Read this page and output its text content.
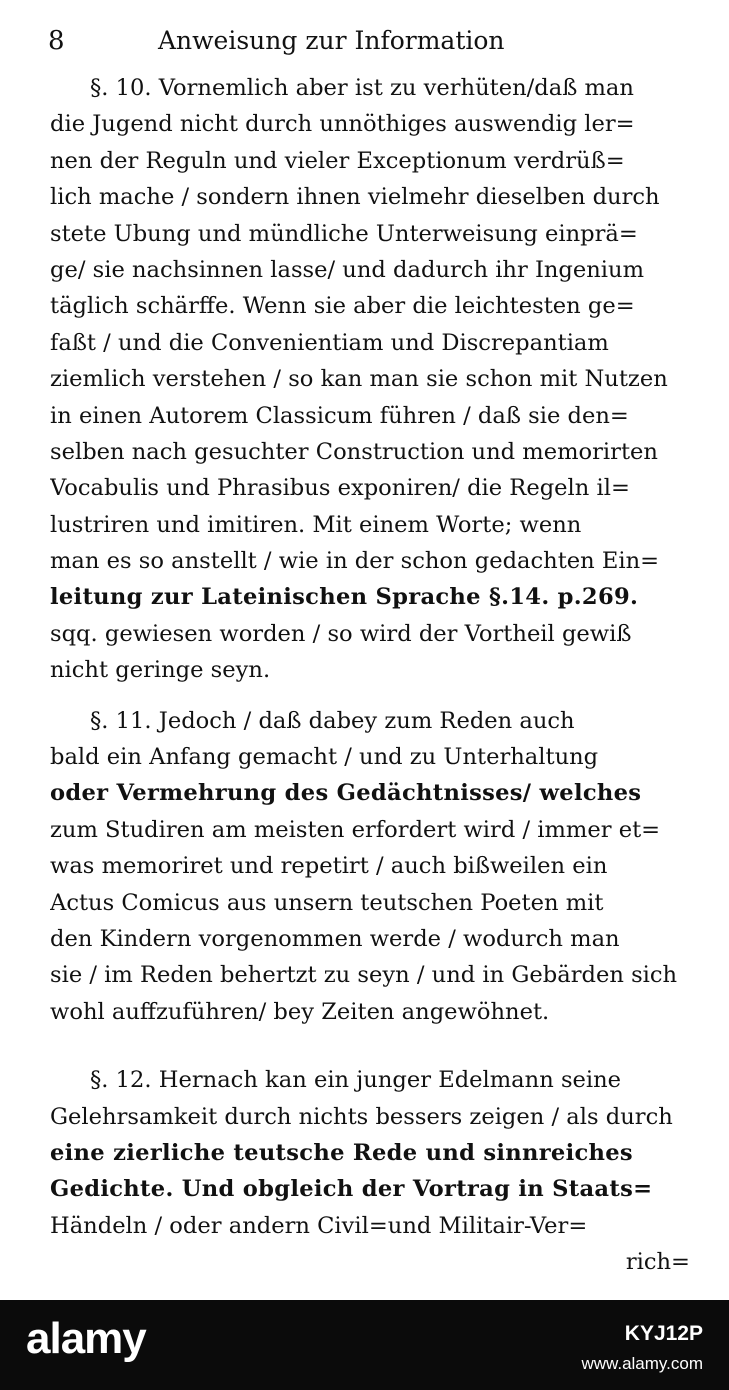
8	Anweisung zur Information
§. 10. Vornemlich aber ist zu verhüten/daß man
die Jugend nicht durch unnöthiges auswendig ler=
nen der Reguln und vieler Exceptionum verdrüß=
lich mache / sondern ihnen vielmehr dieselben durch
stete Ubung und mündliche Unterweisung einprä=
ge/ sie nachsinnen lasse/ und dadurch ihr Ingenium
täglich schärffe. Wenn sie aber die leichtesten ge=
faßt / und die Convenientiam und Discrepantiam
ziemlich verstehen / so kan man sie schon mit Nutzen
in einen Autorem Classicum führen / daß sie den=
selben nach gesuchter Construction und memorirten
Vocabulis und Phrasibus exponiren/ die Regeln il=
lustriren und imitiren. Mit einem Worte; wenn
man es so anstellt / wie in der schon gedachten Ein=
leitung zur Lateinischen Sprache §.14. p.269.
sqq. gewiesen worden / so wird der Vortheil gewiß
nicht geringe seyn.
§. 11. Jedoch / daß dabey zum Reden auch
bald ein Anfang gemacht / und zu Unterhaltung
oder Vermehrung des Gedächtnisses/ welches
zum Studiren am meisten erfordert wird / immer et=
was memoriret und repetirt / auch bißweilen ein
Actus Comicus aus unsern teutschen Poeten mit
den Kindern vorgenommen werde / wodurch man
sie / im Reden behertzt zu seyn / und in Gebärden sich
wohl auffzuführen/ bey Zeiten angewöhnet.
§. 12. Hernach kan ein junger Edelmann seine
Gelehrsamkeit durch nichts bessers zeigen / als durch
eine zierliche teutsche Rede und sinnreiches
Gedichte. Und obgleich der Vortrag in Staats=
Händeln / oder andern Civil=und Militair-Ver=
rich=
alamy	KYJ12P
www.alamy.com
